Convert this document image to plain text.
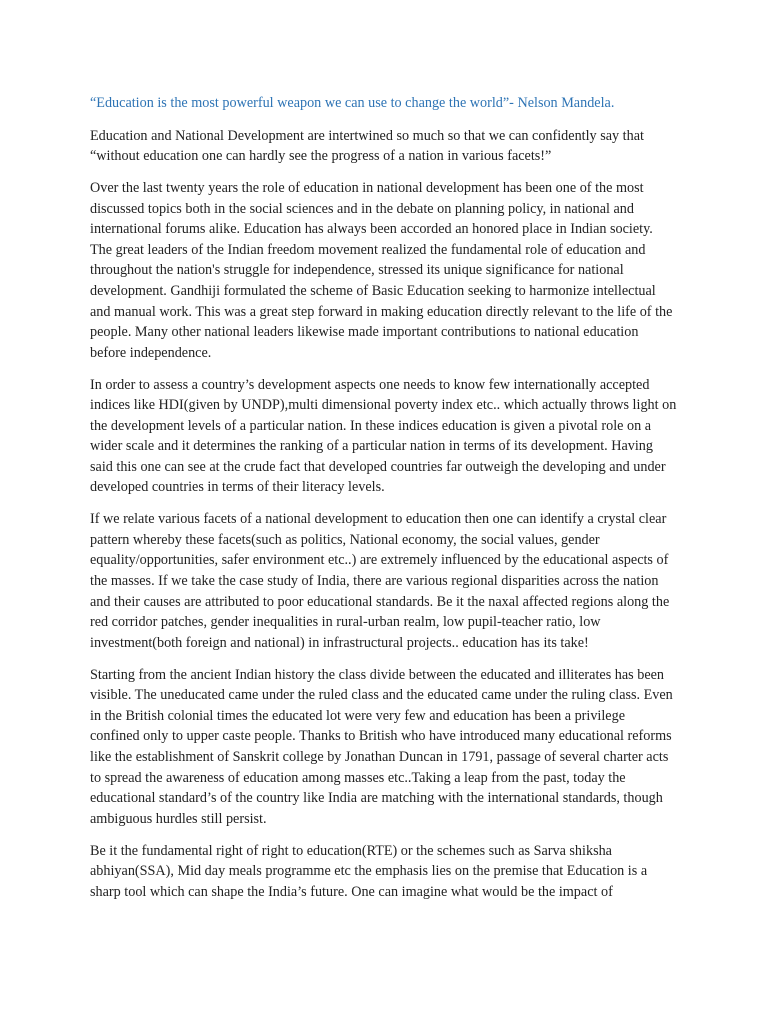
“Education is the most powerful weapon we can use to change the world”- Nelson Mandela.

Education and National Development are intertwined so much so that we can confidently say that “without education one can hardly see the progress of a nation in various facets!”

Over the last twenty years the role of education in national development has been one of the most discussed topics both in the social sciences and in the debate on planning policy, in national and international forums alike. Education has always been accorded an honored place in Indian society. The great leaders of the Indian freedom movement realized the fundamental role of education and throughout the nation's struggle for independence, stressed its unique significance for national development. Gandhiji formulated the scheme of Basic Education seeking to harmonize intellectual and manual work. This was a great step forward in making education directly relevant to the life of the people. Many other national leaders likewise made important contributions to national education before independence.

In order to assess a country’s development aspects one needs to know few internationally accepted indices like HDI(given by UNDP),multi dimensional poverty index etc.. which actually throws light on the development levels of a particular nation. In these indices education is given a pivotal role on a wider scale and it determines the ranking of a particular nation in terms of its development. Having said this one can see at the crude fact that developed countries far outweigh the developing and under developed countries in terms of their literacy levels.

If we relate various facets of a national development to education then one can identify a crystal clear pattern whereby these facets(such as politics, National economy, the social values, gender equality/opportunities, safer environment etc..) are extremely influenced by the educational aspects of the masses. If we take the case study of India, there are various regional disparities across the nation and their causes are attributed to poor educational standards. Be it the naxal affected regions along the red corridor patches, gender inequalities in rural-urban realm, low pupil-teacher ratio, low investment(both foreign and national) in infrastructural projects.. education has its take!

Starting from the ancient Indian history the class divide between the educated and illiterates has been visible. The uneducated came under the ruled class and the educated came under the ruling class. Even in the British colonial times the educated lot were very few and education has been a privilege confined only to upper caste people. Thanks to British who have introduced many educational reforms like the establishment of Sanskrit college by Jonathan Duncan in 1791, passage of several charter acts to spread the awareness of education among masses etc..Taking a leap from the past, today the educational standard’s of the country like India are matching with the international standards, though ambiguous hurdles still persist.

Be it the fundamental right of right to education(RTE) or the schemes such as Sarva shiksha abhiyan(SSA), Mid day meals programme etc the emphasis lies on the premise that Education is a sharp tool which can shape the India’s future. One can imagine what would be the impact of
